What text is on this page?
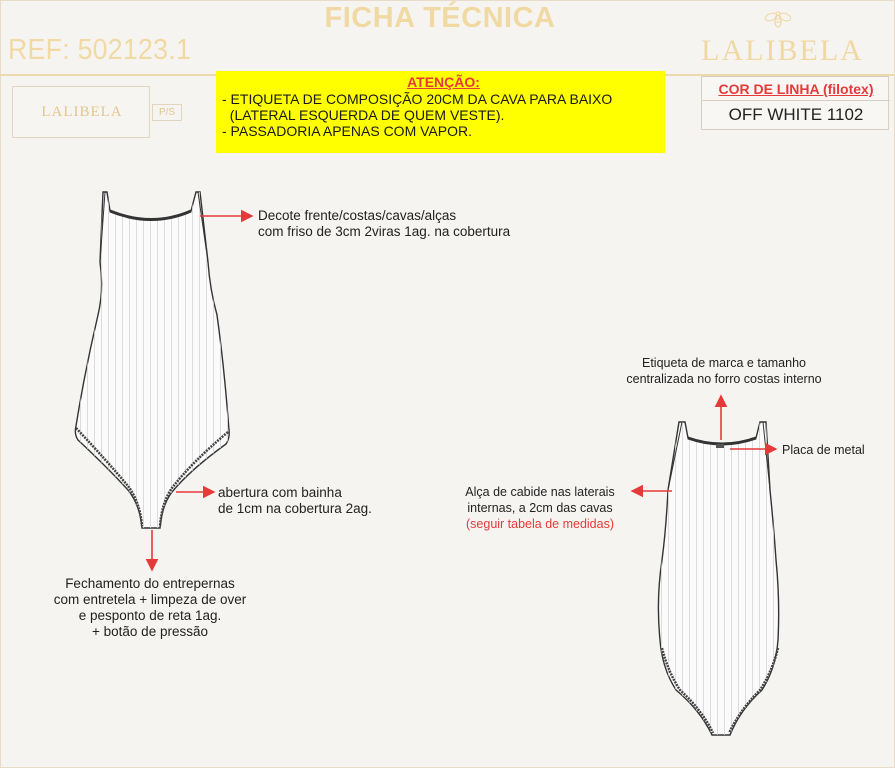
FICHA TÉCNICA
REF: 502123.1	LALIBELA
LALIBELA	P/S
ATENÇÃO:

- ETIQUETA DE COMPOSIÇÃO 20CM DA CAVA PARA BAIXO

(LATERAL ESQUERDA DE QUEM VESTE).

- PASSADORIA APENAS COM VAPOR.

COR DE LINHA (filotex)
OFF WHITE 1102
Decote frente/costas/cavas/alças
com friso de 3cm 2viras 1ag. na cobertura
abertura com bainha
de 1cm na cobertura 2ag.
Fechamento do entrepernas
com entretela + limpeza de over
e pesponto de reta 1ag.
+ botão de pressão
Etiqueta de marca e tamanho
centralizada no forro costas interno
Placa de metal
Alça de cabide nas laterais
internas, a 2cm das cavas
(seguir tabela de medidas)
